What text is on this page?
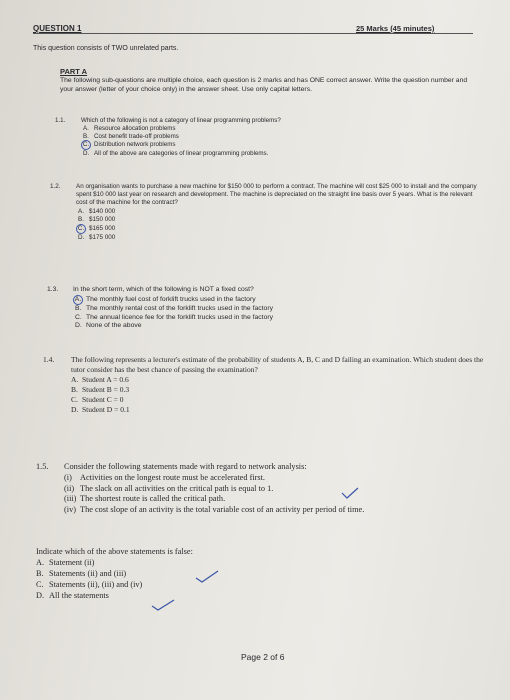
QUESTION 1	25 Marks (45 minutes)
This question consists of TWO unrelated parts.
PART A
The following sub-questions are multiple choice, each question is 2 marks and has ONE correct answer. Write the question number and your answer (letter of your choice only) in the answer sheet. Use only capital letters.
1.1.	Which of the following is not a category of linear programming problems?
A. Resource allocation problems
B. Cost benefit trade-off problems
C. Distribution network problems
D. All of the above are categories of linear programming problems.
1.2. An organisation wants to purchase a new machine for $150 000 to perform a contract. The machine will cost $25 000 to install and the company spent $10 000 last year on research and development. The machine is depreciated on the straight line basis over 5 years. What is the relevant cost of the machine for the contract?
A. $140 000
B. $150 000
C. $165 000
D. $175 000
1.3. In the short term, which of the following is NOT a fixed cost?
A. The monthly fuel cost of forklift trucks used in the factory
B. The monthly rental cost of the forklift trucks used in the factory
C. The annual licence fee for the forklift trucks used in the factory
D. None of the above
1.4. The following represents a lecturer's estimate of the probability of students A, B, C and D failing an examination. Which student does the tutor consider has the best chance of passing the examination?
A. Student A = 0.6
B. Student B = 0.3
C. Student C = 0
D. Student D = 0.1
1.5. Consider the following statements made with regard to network analysis:
(i) Activities on the longest route must be accelerated first.
(ii) The slack on all activities on the critical path is equal to 1.
(iii) The shortest route is called the critical path.
(iv) The cost slope of an activity is the total variable cost of an activity per period of time.
Indicate which of the above statements is false:
A. Statement (ii)
B. Statements (ii) and (iii)
C. Statements (ii), (iii) and (iv)
D. All the statements
Page 2 of 6
